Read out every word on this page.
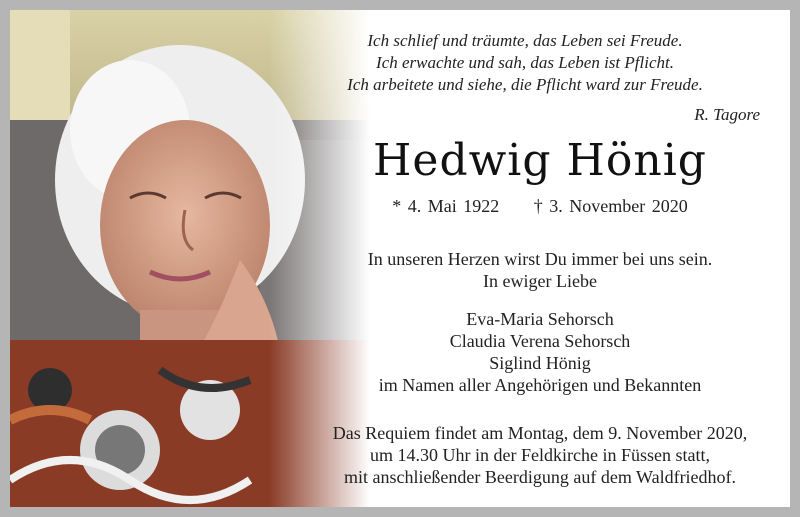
Ich schlief und träumte, das Leben sei Freude.
Ich erwachte und sah, das Leben ist Pflicht.
Ich arbeitete und siehe, die Pflicht ward zur Freude.
R. Tagore
Hedwig Hönig
* 4. Mai 1922 † 3. November 2020
In unseren Herzen wirst Du immer bei uns sein.
In ewiger Liebe
Eva-Maria Sehorsch
Claudia Verena Sehorsch
Siglind Hönig
im Namen aller Angehörigen und Bekannten
Das Requiem findet am Montag, dem 9. November 2020,
um 14.30 Uhr in der Feldkirche in Füssen statt,
mit anschließender Beerdigung auf dem Waldfriedhof.
